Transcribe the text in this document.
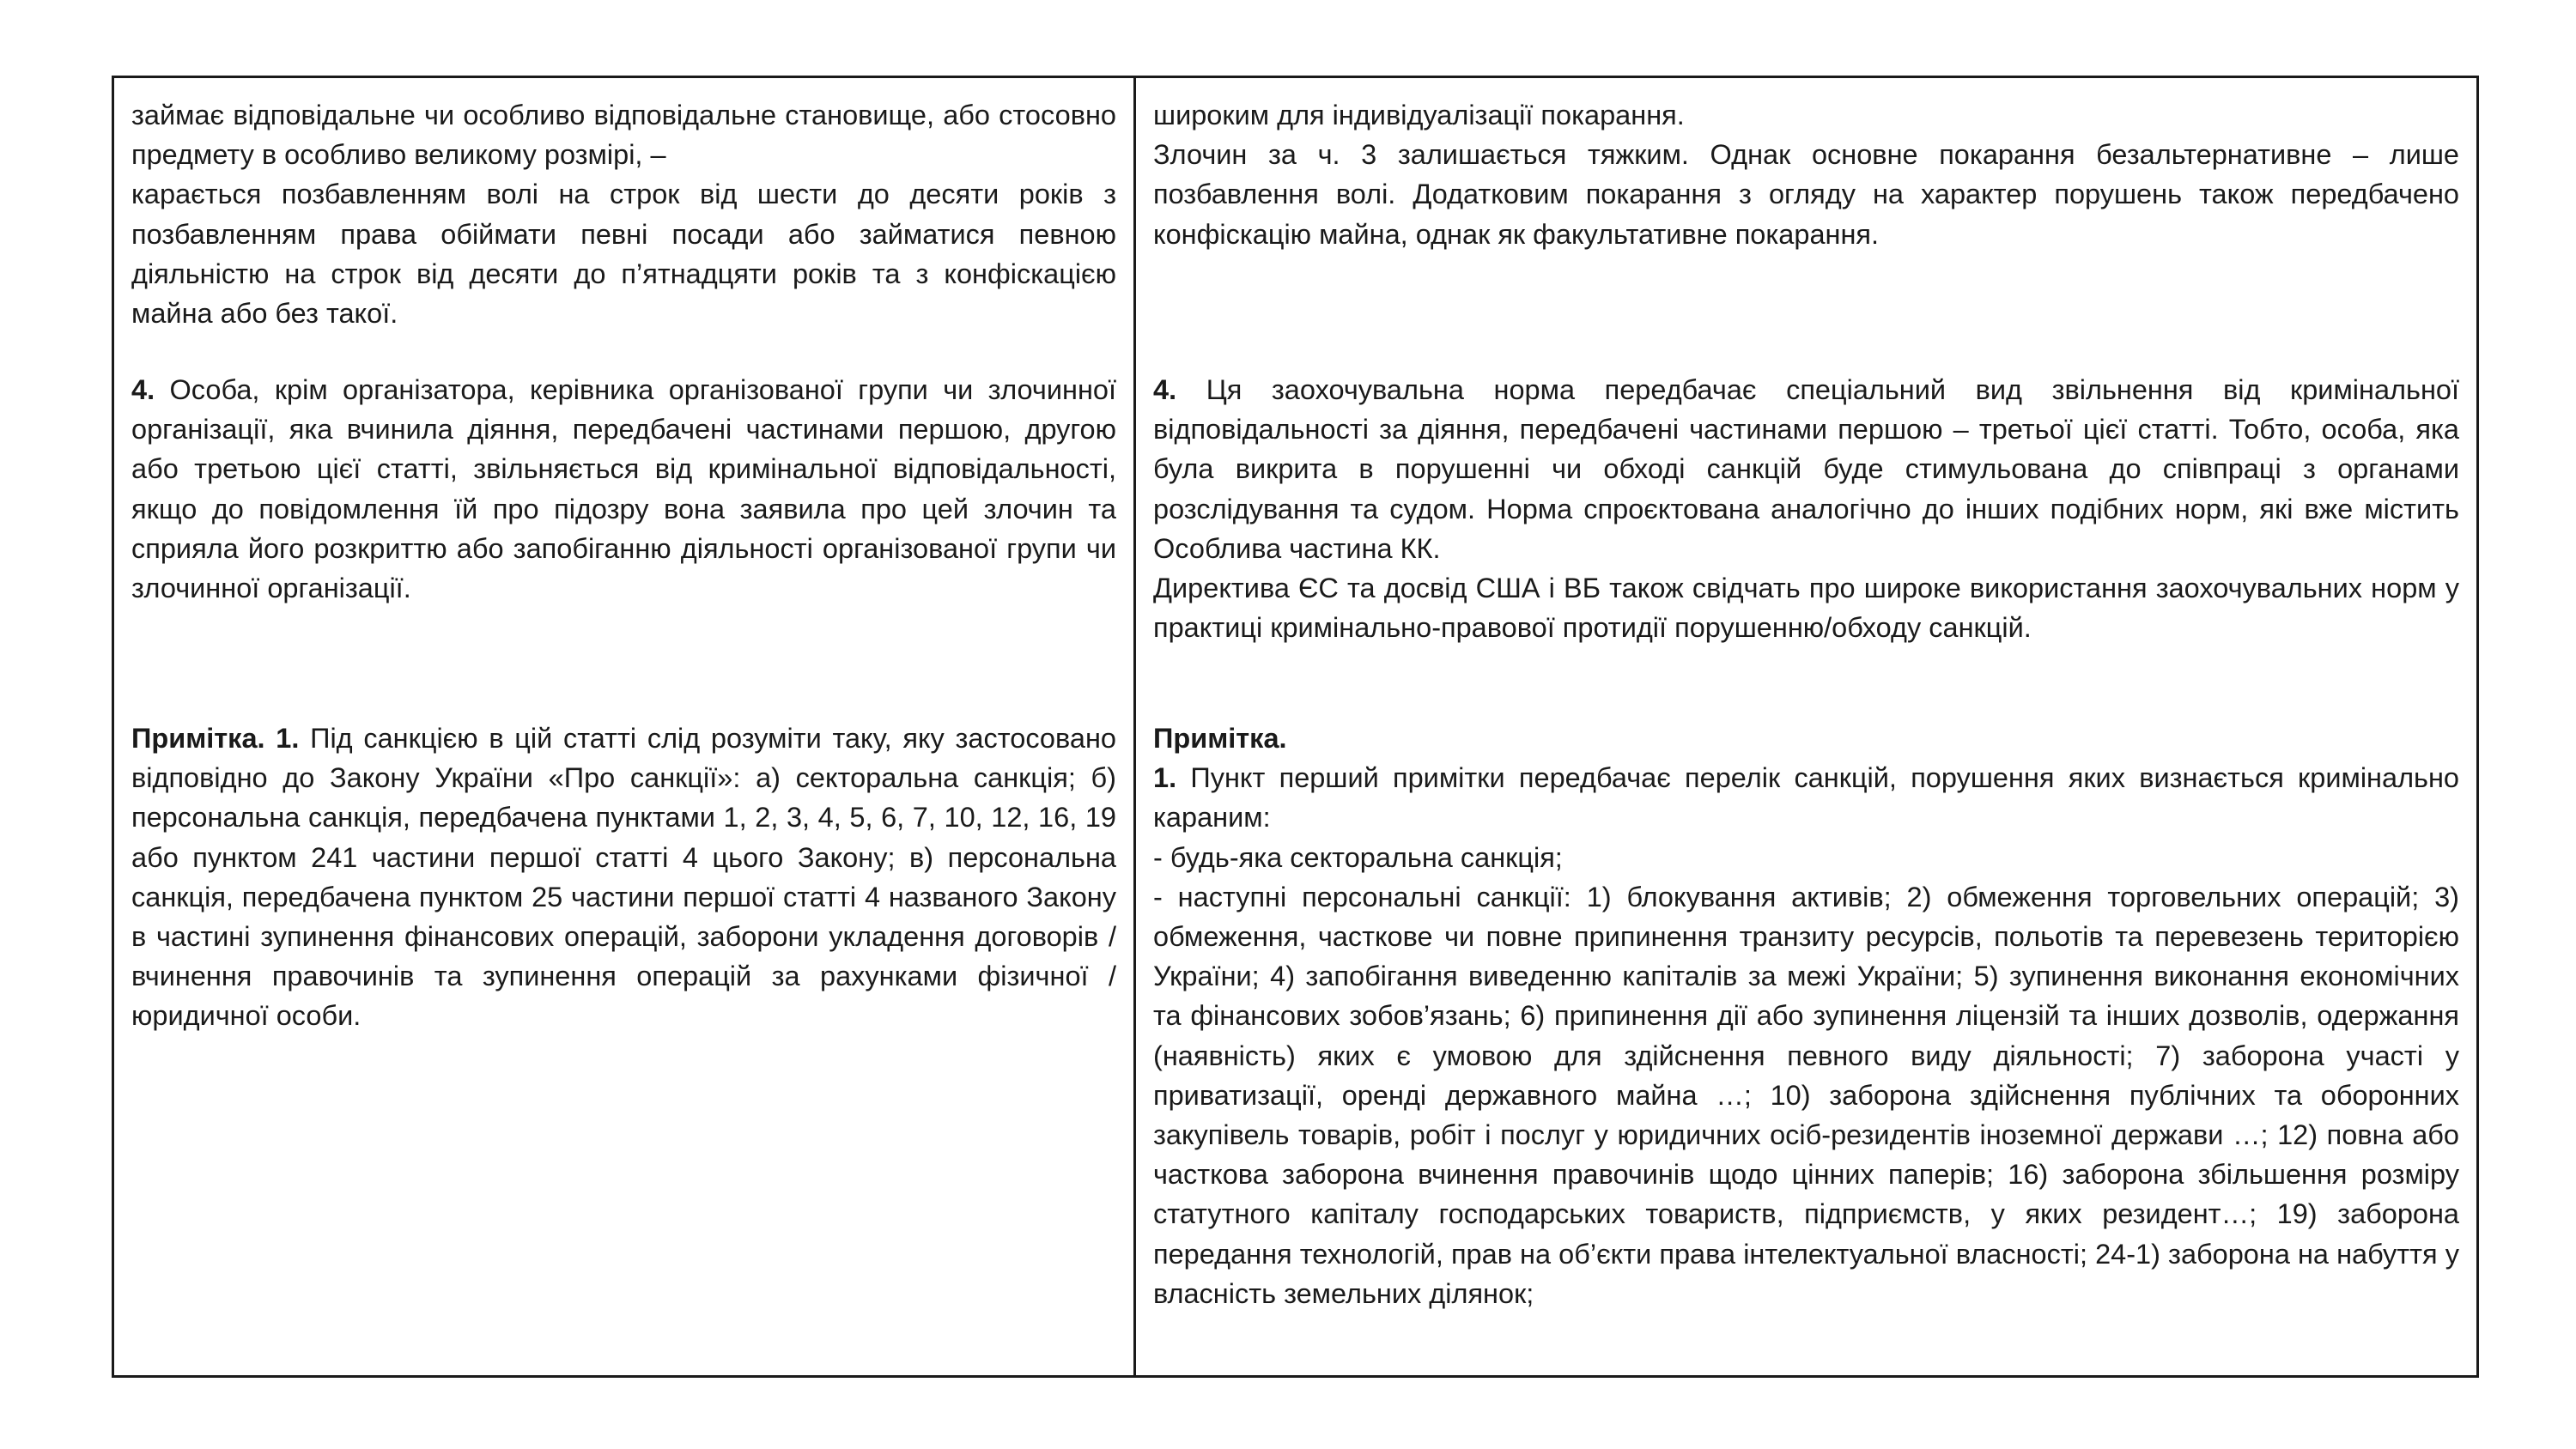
займає відповідальне чи особливо відповідальне становище, або стосовно предмету в особливо великому розмірі, –

карається позбавленням волі на строк від шести до десяти років з позбавленням права обіймати певні посади або займатися певною діяльністю на строк від десяти до п’ятнадцяти років та з конфіскацією майна або без такої.

4. Особа, крім організатора, керівника організованої групи чи злочинної організації, яка вчинила діяння, передбачені частинами першою, другою або третьою цієї статті, звільняється від кримінальної відповідальності, якщо до повідомлення їй про підозру вона заявила про цей злочин та сприяла його розкриттю або запобіганню діяльності організованої групи чи злочинної організації.

Примітка. 1. Під санкцією в цій статті слід розуміти таку, яку застосовано відповідно до Закону України «Про санкції»: а) секторальна санкція; б) персональна санкція, передбачена пунктами 1, 2, 3, 4, 5, 6, 7, 10, 12, 16, 19 або пунктом 241 частини першої статті 4 цього Закону; в) персональна санкція, передбачена пунктом 25 частини першої статті 4 названого Закону в частині зупинення фінансових операцій, заборони укладення договорів / вчинення правочинів та зупинення операцій за рахунками фізичної / юридичної особи.

широким для індивідуалізації покарання.

Злочин за ч. 3 залишається тяжким. Однак основне покарання безальтернативне – лише позбавлення волі. Додатковим покарання з огляду на характер порушень також передбачено конфіскацію майна, однак як факультативне покарання.

4. Ця заохочувальна норма передбачає спеціальний вид звільнення від кримінальної відповідальності за діяння, передбачені частинами першою – третьої цієї статті. Тобто, особа, яка була викрита в порушенні чи обході санкцій буде стимульована до співпраці з органами розслідування та судом. Норма спроєктована аналогічно до інших подібних норм, які вже містить Особлива частина КК.

Директива ЄС та досвід США і ВБ також свідчать про широке використання заохочувальних норм у практиці кримінально-правової протидії порушенню/обходу санкцій.

Примітка.

1. Пункт перший примітки передбачає перелік санкцій, порушення яких визнається кримінально караним:

- будь-яка секторальна санкція;

- наступні персональні санкції: 1) блокування активів; 2) обмеження торговельних операцій; 3) обмеження, часткове чи повне припинення транзиту ресурсів, польотів та перевезень територією України; 4) запобігання виведенню капіталів за межі України; 5) зупинення виконання економічних та фінансових зобов’язань; 6) припинення дії або зупинення ліцензій та інших дозволів, одержання (наявність) яких є умовою для здійснення певного виду діяльності; 7) заборона участі у приватизації, оренді державного майна …; 10) заборона здійснення публічних та оборонних закупівель товарів, робіт і послуг у юридичних осіб-резидентів іноземної держави …; 12) повна або часткова заборона вчинення правочинів щодо цінних паперів; 16) заборона збільшення розміру статутного капіталу господарських товариств, підприємств, у яких резидент…; 19) заборона передання технологій, прав на об’єкти права інтелектуальної власності; 24-1) заборона на набуття у власність земельних ділянок;
